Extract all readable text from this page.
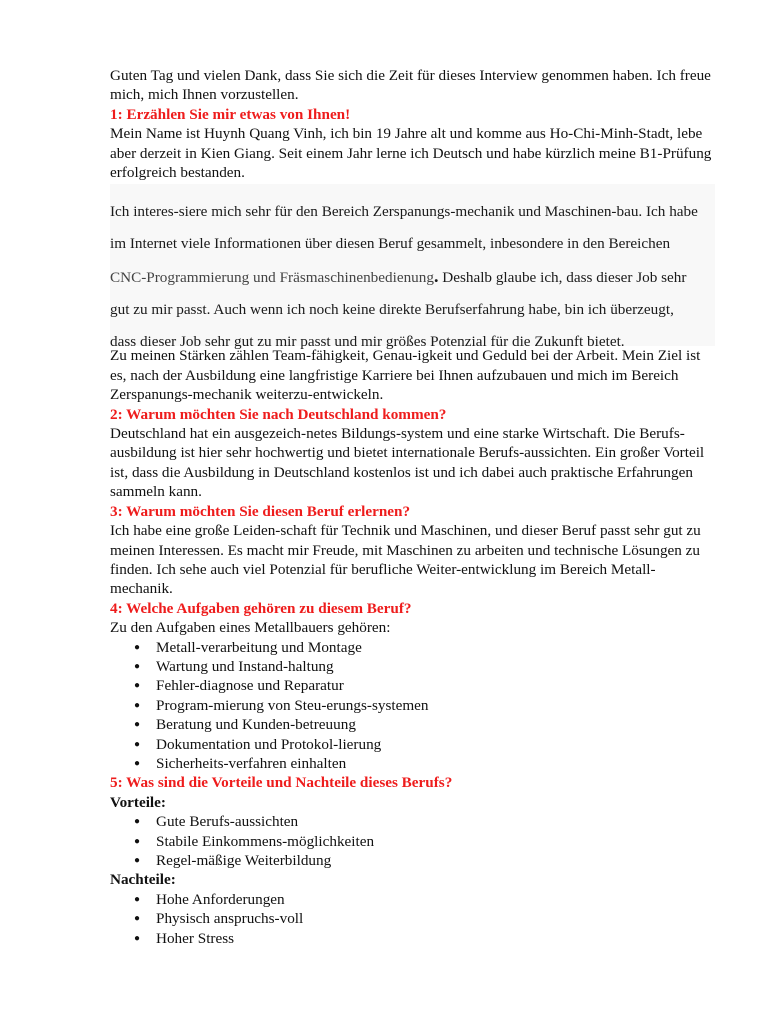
Guten Tag und vielen Dank, dass Sie sich die Zeit für dieses Interview genommen haben. Ich freue mich, mich Ihnen vorzustellen.

1: Erzählen Sie mir etwas von Ihnen!

Mein Name ist Huynh Quang Vinh, ich bin 19 Jahre alt und komme aus Ho-Chi-Minh-Stadt, lebe aber derzeit in Kien Giang. Seit einem Jahr lerne ich Deutsch und habe kürzlich meine B1-Prüfung erfolgreich bestanden.

Ich interes-siere mich sehr für den Bereich Zerspanungs-mechanik und Maschinen-bau. Ich habe

im Internet viele Informationen über diesen Beruf gesammelt, inbesondere in den Bereichen

CNC-Programmierung und Fräsmaschinenbedienung. Deshalb glaube ich, dass dieser Job sehr

gut zu mir passt. Auch wenn ich noch keine direkte Berufserfahrung habe, bin ich überzeugt,

dass dieser Job sehr gut zu mir passt und mir größes Potenzial für die Zukunft bietet.

Zu meinen Stärken zählen Team-fähigkeit, Genau-igkeit und Geduld bei der Arbeit. Mein Ziel ist es, nach der Ausbildung eine langfristige Karriere bei Ihnen aufzubauen und mich im Bereich Zerspanungs-mechanik weiterzu-entwickeln.

2: Warum möchten Sie nach Deutschland kommen?

Deutschland hat ein ausgezeich-netes Bildungs-system und eine starke Wirtschaft. Die Berufs-ausbildung ist hier sehr hochwertig und bietet internationale Berufs-aussichten. Ein großer Vorteil ist, dass die Ausbildung in Deutschland kostenlos ist und ich dabei auch praktische Erfahrungen sammeln kann.

3: Warum möchten Sie diesen Beruf erlernen?

Ich habe eine große Leiden-schaft für Technik und Maschinen, und dieser Beruf passt sehr gut zu meinen Interessen. Es macht mir Freude, mit Maschinen zu arbeiten und technische Lösungen zu finden. Ich sehe auch viel Potenzial für berufliche Weiter-entwicklung im Bereich Metall-mechanik.

4: Welche Aufgaben gehören zu diesem Beruf?

Zu den Aufgaben eines Metallbauers gehören:

● Metall-verarbeitung und Montage
● Wartung und Instand-haltung
● Fehler-diagnose und Reparatur
● Program-mierung von Steu-erungs-systemen
● Beratung und Kunden-betreuung
● Dokumentation und Protokol-lierung
● Sicherheits-verfahren einhalten
5: Was sind die Vorteile und Nachteile dieses Berufs?
Vorteile:
● Gute Berufs-aussichten
● Stabile Einkommens-möglichkeiten
● Regel-mäßige Weiterbildung
Nachteile:
● Hohe Anforderungen
● Physisch anspruchs-voll
● Hoher Stress
